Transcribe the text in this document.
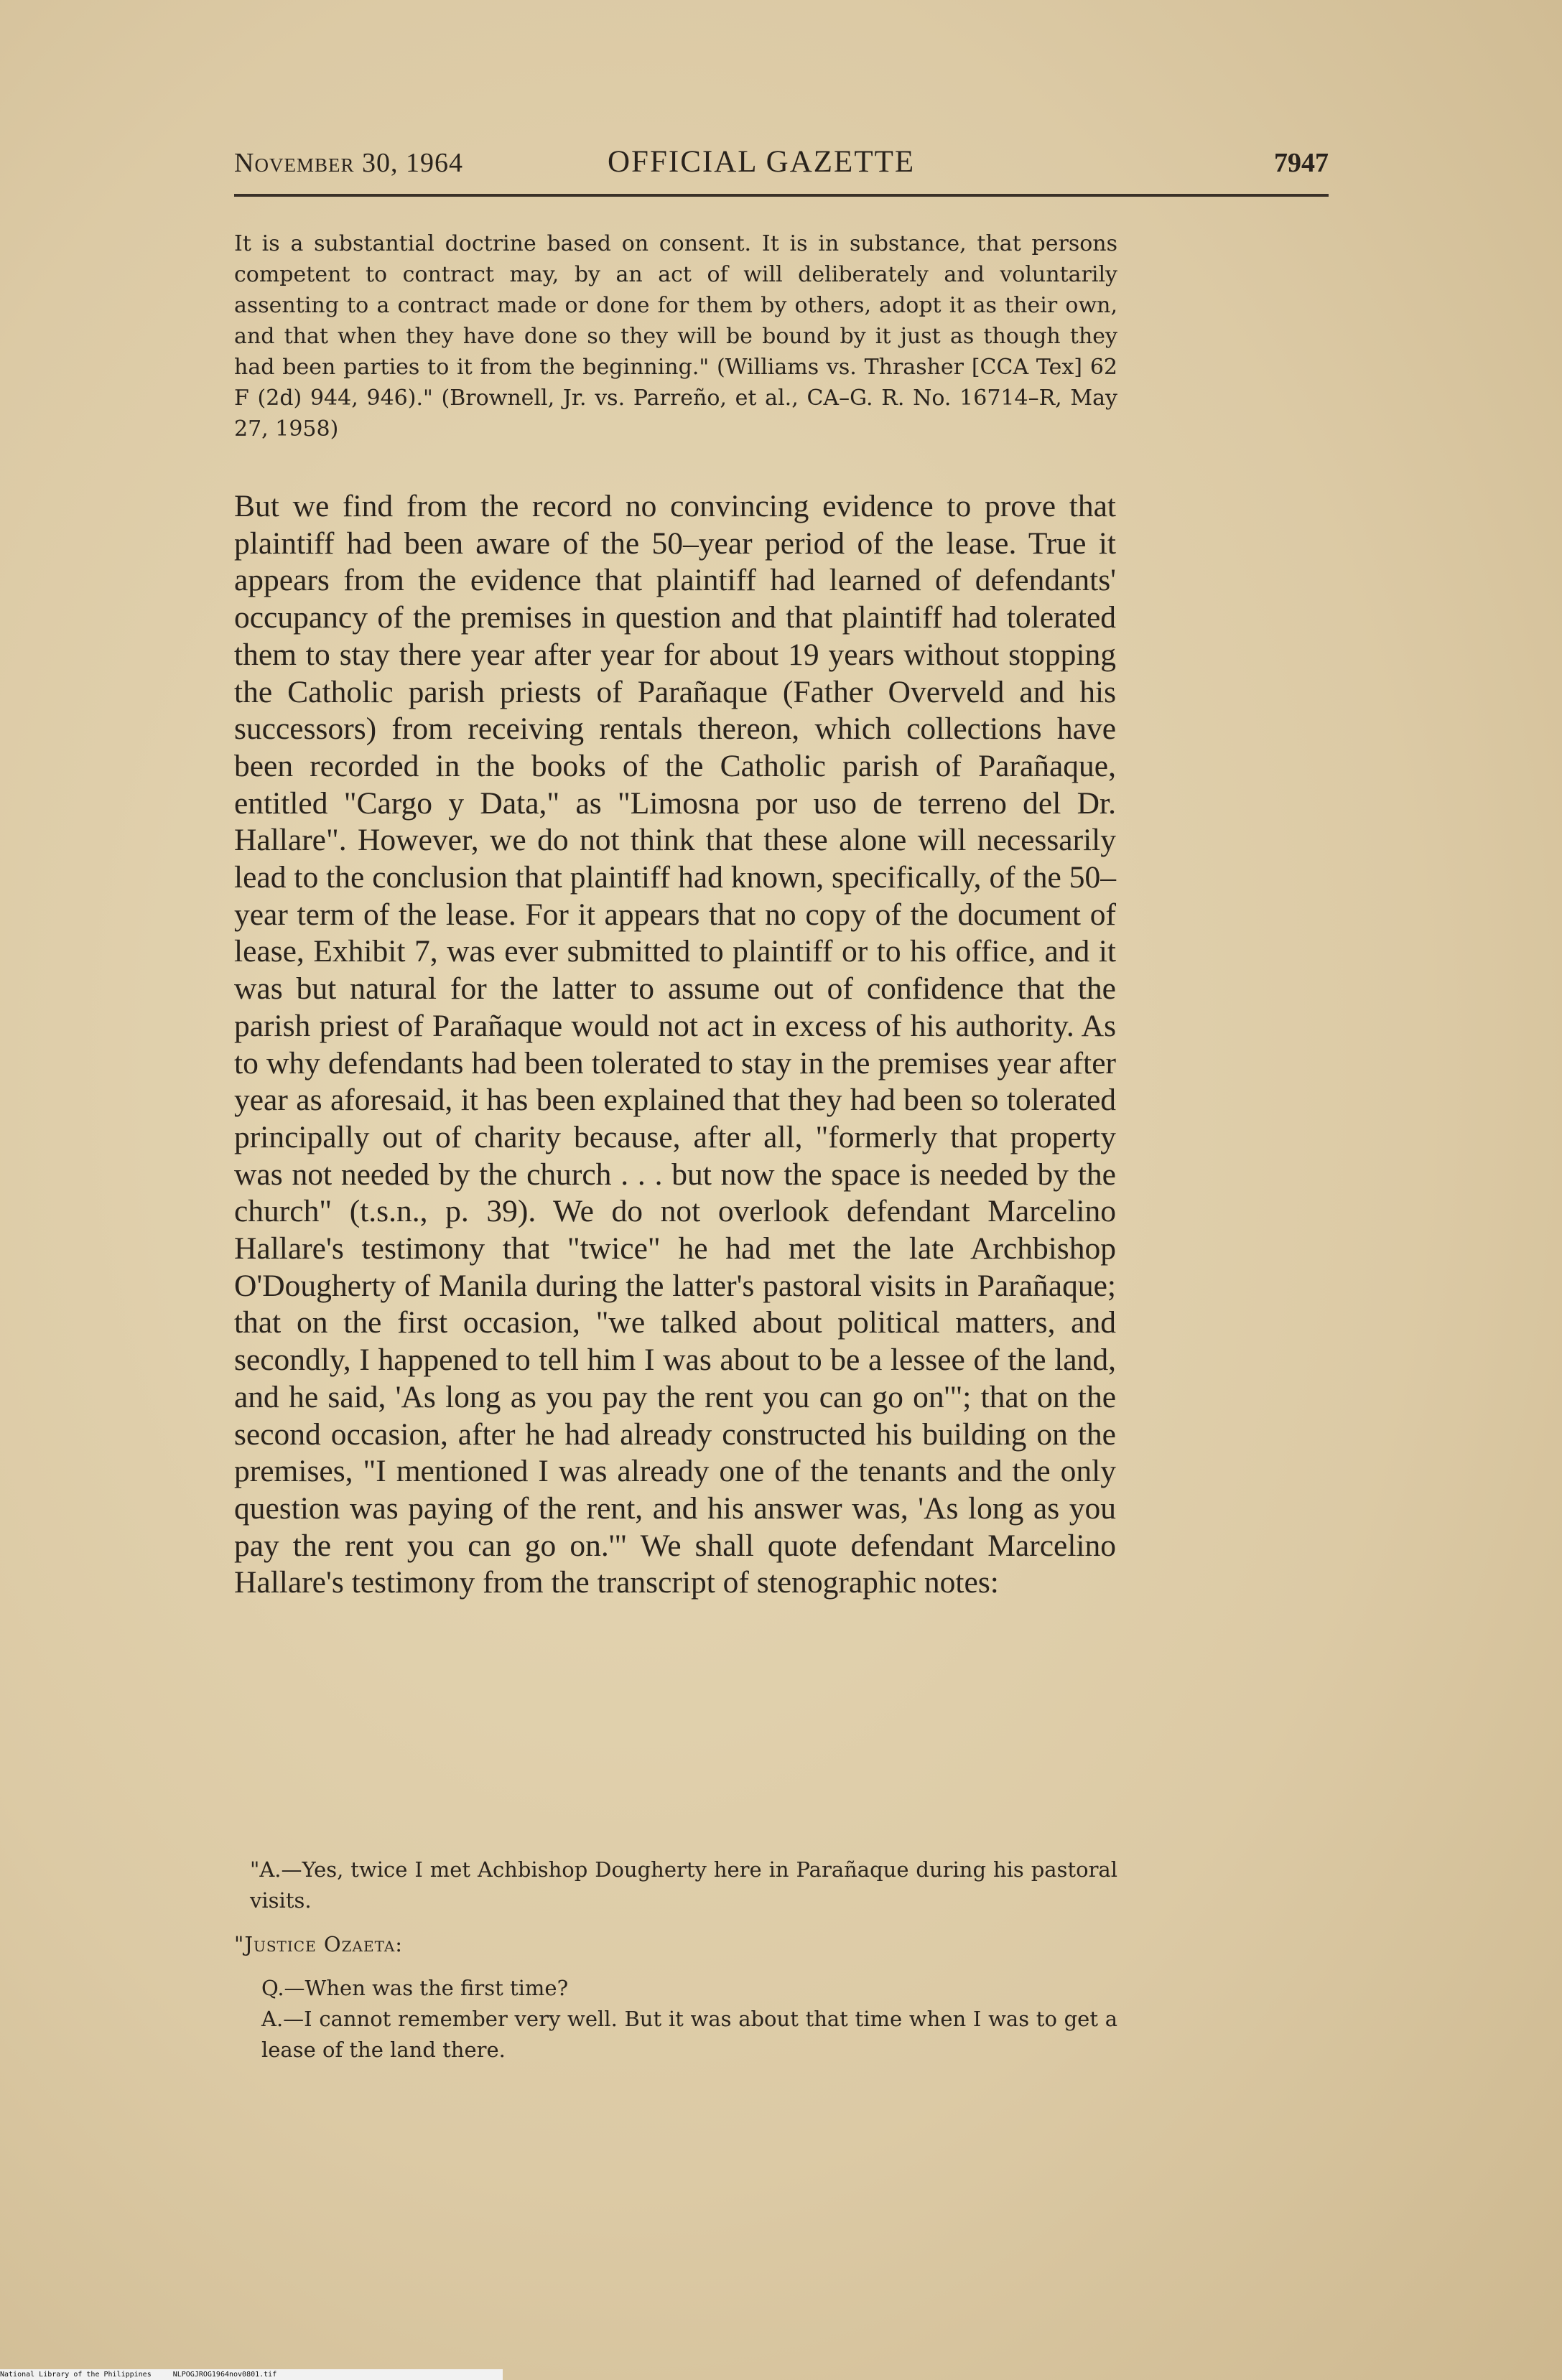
November 30, 1964	OFFICIAL GAZETTE	7947

It is a substantial doctrine based on consent. It is in substance, that persons competent to contract may, by an act of will deliberately and voluntarily assenting to a contract made or done for them by others, adopt it as their own, and that when they have done so they will be bound by it just as though they had been parties to it from the beginning." (Williams vs. Thrasher [CCA Tex] 62 F (2d) 944, 946)." (Brownell, Jr. vs. Parreño, et al., CA–G. R. No. 16714–R, May 27, 1958)

But we find from the record no convincing evidence to prove that plaintiff had been aware of the 50–year period of the lease. True it appears from the evidence that plaintiff had learned of defendants' occupancy of the premises in question and that plaintiff had tolerated them to stay there year after year for about 19 years without stopping the Catholic parish priests of Parañaque (Father Overveld and his successors) from receiving rentals thereon, which collections have been recorded in the books of the Catholic parish of Parañaque, entitled "Cargo y Data," as "Limosna por uso de terreno del Dr. Hallare". However, we do not think that these alone will necessarily lead to the conclusion that plaintiff had known, specifically, of the 50–year term of the lease. For it appears that no copy of the document of lease, Exhibit 7, was ever submitted to plaintiff or to his office, and it was but natural for the latter to assume out of confidence that the parish priest of Parañaque would not act in excess of his authority. As to why defendants had been tolerated to stay in the premises year after year as aforesaid, it has been explained that they had been so tolerated principally out of charity because, after all, "formerly that property was not needed by the church . . . but now the space is needed by the church" (t.s.n., p. 39). We do not overlook defendant Marcelino Hallare's testimony that "twice" he had met the late Archbishop O'Dougherty of Manila during the latter's pastoral visits in Parañaque; that on the first occasion, "we talked about political matters, and secondly, I happened to tell him I was about to be a lessee of the land, and he said, 'As long as you pay the rent you can go on'"; that on the second occasion, after he had already constructed his building on the premises, "I mentioned I was already one of the tenants and the only question was paying of the rent, and his answer was, 'As long as you pay the rent you can go on.'" We shall quote defendant Marcelino Hallare's testimony from the transcript of stenographic notes:

"A.—Yes, twice I met Achbishop Dougherty here in Parañaque during his pastoral visits.

"Justice Ozaeta:

Q.—When was the first time?

A.—I cannot remember very well. But it was about that time when I was to get a lease of the land there.

National Library of the Philippines	NLPOGJROG1964nov0801.tif
